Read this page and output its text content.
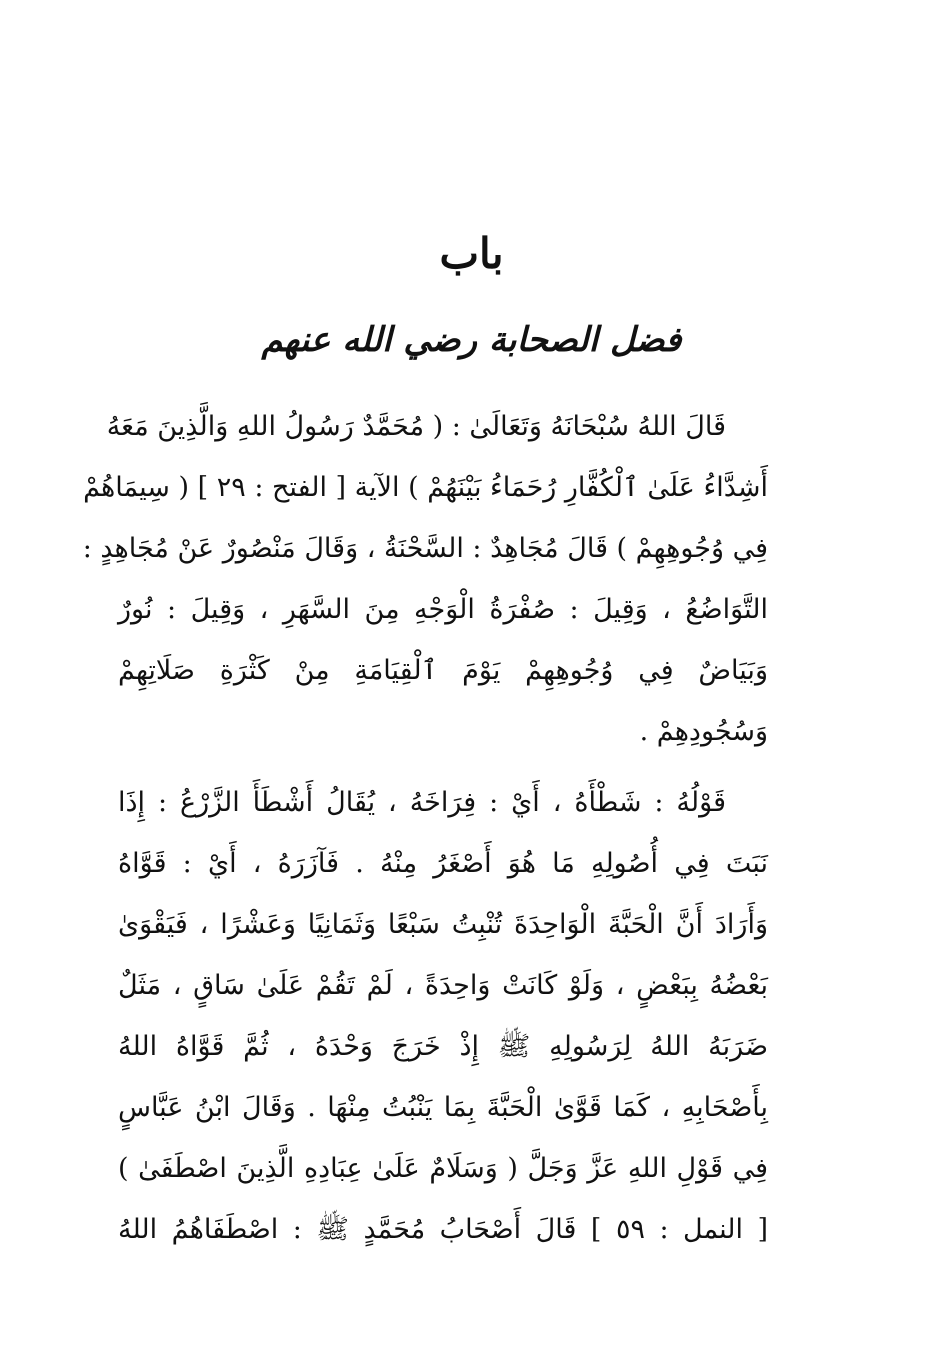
باب
فضل الصحابة رضي الله عنهم
قَالَ اللهُ سُبْحَانَهُ وَتَعَالَىٰ : ( مُحَمَّدٌ رَسُولُ اللهِ وَالَّذِينَ مَعَهُ
أَشِدَّاءُ عَلَىٰ ٱلْكُفَّارِ رُحَمَاءُ بَيْنَهُمْ ) الآية [ الفتح : ٢٩ ] ( سِيمَاهُمْ
فِي وُجُوهِهِمْ ) قَالَ مُجَاهِدٌ : السَّحْنَةُ ، وَقَالَ مَنْصُورٌ عَنْ مُجَاهِدٍ :
التَّوَاضُعُ ، وَقِيلَ : صُفْرَةُ الْوَجْهِ مِنَ السَّهَرِ ، وَقِيلَ : نُورٌ
وَبَيَاضٌ فِي وُجُوهِهِمْ يَوْمَ ٱلْقِيَامَةِ مِنْ كَثْرَةِ صَلَاتِهِمْ
وَسُجُودِهِمْ .
قَوْلُهُ : شَطْأَهُ ، أَيْ : فِرَاخَهُ ، يُقَالُ أَشْطَأَ الزَّرْعُ : إِذَا
نَبَتَ فِي أُصُولِهِ مَا هُوَ أَصْغَرُ مِنْهُ . فَآزَرَهُ ، أَيْ : قَوَّاهُ
وَأَرَادَ أَنَّ الْحَبَّةَ الْوَاحِدَةَ تُنْبِتُ سَبْعًا وَثَمَانِيًا وَعَشْرًا ، فَيَقْوَىٰ
بَعْضُهُ بِبَعْضٍ ، وَلَوْ كَانَتْ وَاحِدَةً ، لَمْ تَقُمْ عَلَىٰ سَاقٍ ، مَثَلٌ
ضَرَبَهُ اللهُ لِرَسُولِهِ ﷺ إِذْ خَرَجَ وَحْدَهُ ، ثُمَّ قَوَّاهُ اللهُ
بِأَصْحَابِهِ ، كَمَا قَوَّىٰ الْحَبَّةَ بِمَا يَنْبُتُ مِنْهَا . وَقَالَ ابْنُ عَبَّاسٍ
فِي قَوْلِ اللهِ عَزَّ وَجَلَّ ( وَسَلَامٌ عَلَىٰ عِبَادِهِ الَّذِينَ اصْطَفَىٰ )
[ النمل : ٥٩ ] قَالَ أَصْحَابُ مُحَمَّدٍ ﷺ : اصْطَفَاهُمُ اللهُ
